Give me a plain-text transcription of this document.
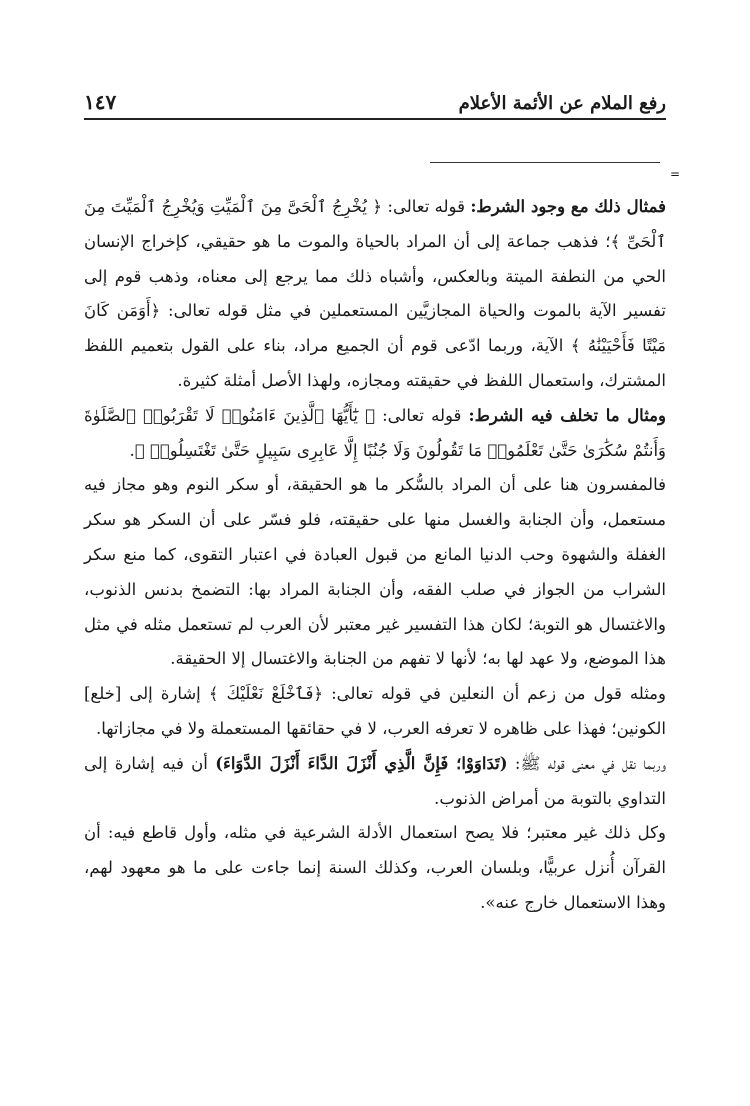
رفع الملام عن الأئمة الأعلام
١٤٧
=

فمثال ذلك مع وجود الشرط: قوله تعالى: ﴿ يُخْرِجُ ٱلْحَىَّ مِنَ ٱلْمَيِّتِ وَيُخْرِجُ ٱلْمَيِّتَ مِنَ ٱلْحَىِّ ﴾؛ فذهب جماعة إلى أن المراد بالحياة والموت ما هو حقيقي، كإخراج الإنسان الحي من النطفة الميتة وبالعكس، وأشباه ذلك مما يرجع إلى معناه، وذهب قوم إلى تفسير الآية بالموت والحياة المجازيَّين المستعملين في مثل قوله تعالى: ﴿أَوَمَن كَانَ مَيْتًا فَأَحْيَيْنَٰهُ ﴾ الآية، وربما ادّعى قوم أن الجميع مراد، بناء على القول بتعميم اللفظ المشترك، واستعمال اللفظ في حقيقته ومجازه، ولهذا الأصل أمثلة كثيرة.

ومثال ما تخلف فيه الشرط: قوله تعالى: ﴿ يَٰٓأَيُّهَا ٱلَّذِينَ ءَامَنُوا۟ لَا تَقْرَبُوا۟ ٱلصَّلَوٰةَ وَأَنتُمْ سُكَٰرَىٰ حَتَّىٰ تَعْلَمُوا۟ مَا تَقُولُونَ وَلَا جُنُبًا إِلَّا عَابِرِى سَبِيلٍ حَتَّىٰ تَغْتَسِلُوا۟ ﴾.

فالمفسرون هنا على أن المراد بالسُّكر ما هو الحقيقة، أو سكر النوم وهو مجاز فيه مستعمل، وأن الجنابة والغسل منها على حقيقته، فلو فسّر على أن السكر هو سكر الغفلة والشهوة وحب الدنيا المانع من قبول العبادة في اعتبار التقوى، كما منع سكر الشراب من الجواز في صلب الفقه، وأن الجنابة المراد بها: التضمخ بدنس الذنوب، والاغتسال هو التوبة؛ لكان هذا التفسير غير معتبر لأن العرب لم تستعمل مثله في مثل هذا الموضع، ولا عهد لها به؛ لأنها لا تفهم من الجنابة والاغتسال إلا الحقيقة.

ومثله قول من زعم أن النعلين في قوله تعالى: ﴿فَٱخْلَعْ نَعْلَيْكَ ﴾ إشارة إلى [خلع] الكونين؛ فهذا على ظاهره لا تعرفه العرب، لا في حقائقها المستعملة ولا في مجازاتها.

وربما نقل في معنى قوله ﷺ: (تَدَاوَوْا؛ فَإِنَّ الَّذِي أَنْزَلَ الدَّاءَ أَنْزَلَ الدَّوَاءَ) أن فيه إشارة إلى التداوي بالتوبة من أمراض الذنوب.

وكل ذلك غير معتبر؛ فلا يصح استعمال الأدلة الشرعية في مثله، وأول قاطع فيه: أن القرآن أُنزل عربيًّا، وبلسان العرب، وكذلك السنة إنما جاءت على ما هو معهود لهم، وهذا الاستعمال خارج عنه».
